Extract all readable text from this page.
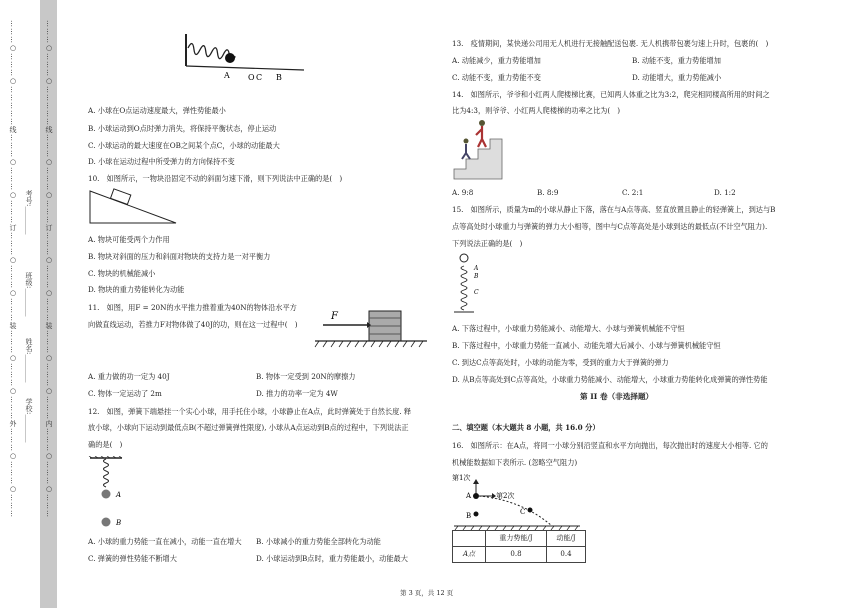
………○………○……………线………○………○………订………○………○………装………○………○………外………○………○………
考号:＿＿＿＿
班级:＿＿＿＿
姓名:＿＿＿＿
学校:＿＿＿＿
………○………○……………线………○………○………订………○………○………装………○………○………内………○………○………
A O C B
A. 小球在O点运动速度最大，弹性势能最小
B. 小球运动到O点时弹力消失，将保持平衡状态，停止运动
C. 小球运动的最大速度在OB之间某个点C，小球的动能最大
D. 小球在运动过程中所受弹力的方向保持不变
10.　如图所示，一物块沿固定不动的斜面匀速下滑，则下列说法中正确的是(　)
A. 物块可能受两个力作用
B. 物块对斜面的压力和斜面对物块的支持力是一对平衡力
C. 物块的机械能减小
D. 物块的重力势能转化为动能
11.　如图，用F = 20N的水平推力推着重为40N的物体沿水平方
向做直线运动，若推力F对物体做了40J的功，则在这一过程中(　)
F
A. 重力做的功一定为 40J	B. 物体一定受到 20N的摩擦力
C. 物体一定运动了 2m	D. 推力的功率一定为 4W
12.　如图，弹簧下端悬挂一个实心小球，用手托住小球，小球静止在A点，此时弹簧处于自然长度. 释
放小球，小球向下运动到最低点B(不超过弹簧弹性限度), 小球从A点运动到B点的过程中，下列说法正
确的是(　)
A
B
A. 小球的重力势能一直在减小，动能一直在增大 B. 小球减小的重力势能全部转化为动能
C. 弹簧的弹性势能不断增大	D. 小球运动到B点时，重力势能最小，动能最大
13.　疫情期间，某快递公司用无人机进行无接触配送包裹. 无人机携带包裹匀速上升时，包裹的(　)
A. 动能减少，重力势能增加	B. 动能不变，重力势能增加
C. 动能不变，重力势能不变	D. 动能增大，重力势能减小
14.　如图所示，爷爷和小红两人爬楼梯比赛，已知两人体重之比为3:2，爬完相同楼高所用的时间之
比为4:3，则爷爷、小红两人爬楼梯的功率之比为(　)
A. 9:8	B. 8:9	C. 2:1	D. 1:2
15.　如图所示，质量为m的小球从静止下落，落在与A点等高、竖直放置且静止的轻弹簧上，到达与B
点等高处时小球重力与弹簧的弹力大小相等，图中与C点等高处是小球到达的最低点(不计空气阻力).
下列说法正确的是(　)
A
B
C
A. 下落过程中，小球重力势能减小、动能增大、小球与弹簧机械能不守恒
B. 下落过程中，小球重力势能一直减小、动能先增大后减小、小球与弹簧机械能守恒
C. 到达C点等高处时，小球的动能为零，受到的重力大于弹簧的弹力
D. 从B点等高处到C点等高处，小球重力势能减小、动能增大，小球重力势能转化成弹簧的弹性势能
第 II 卷（非选择题）
二、填空题（本大题共 8 小题，共 16.0 分）
16.　如图所示：在A点，将同一小球分别沿竖直和水平方向抛出，每次抛出时的速度大小相等. 它的
机械能数据如下表所示. (忽略空气阻力)
第1次
第2次
A
B	C
	重力势能/J	动能/J
A点	0.8	0.4
第 3 页，共 12 页
